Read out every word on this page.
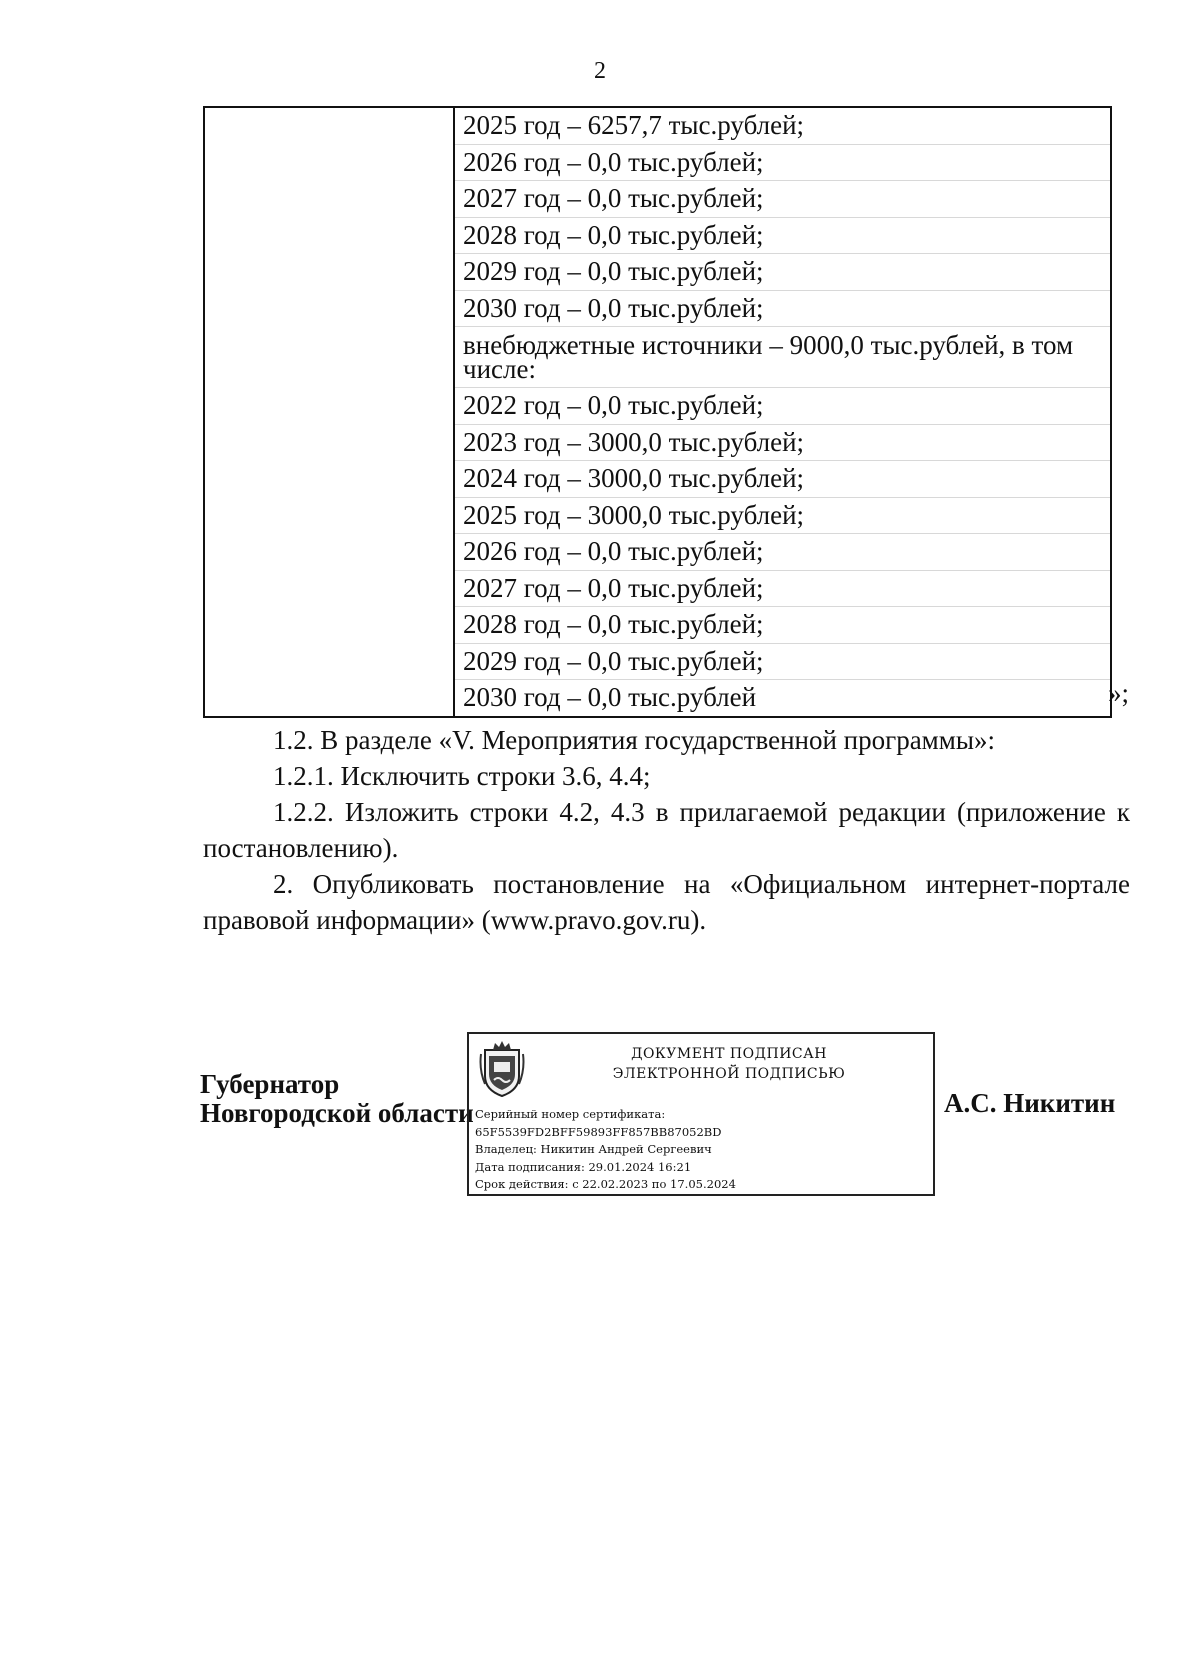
2

2025 год – 6257,7 тыс.рублей;
2026 год – 0,0 тыс.рублей;
2027 год – 0,0 тыс.рублей;
2028 год – 0,0 тыс.рублей;
2029 год – 0,0 тыс.рублей;
2030 год – 0,0 тыс.рублей;
внебюджетные источники – 9000,0 тыс.рублей, в том числе:
2022 год – 0,0 тыс.рублей;
2023 год – 3000,0 тыс.рублей;
2024 год – 3000,0 тыс.рублей;
2025 год – 3000,0 тыс.рублей;
2026 год – 0,0 тыс.рублей;
2027 год – 0,0 тыс.рублей;
2028 год – 0,0 тыс.рублей;
2029 год – 0,0 тыс.рублей;
2030 год – 0,0 тыс.рублей	»;

1.2. В разделе «V. Мероприятия государственной программы»:

1.2.1. Исключить строки 3.6, 4.4;

1.2.2. Изложить строки 4.2, 4.3 в прилагаемой редакции (приложение к постановлению).

2. Опубликовать постановление на «Официальном интернет-портале правовой информации» (www.pravo.gov.ru).

Губернатор
Новгородской области
ДОКУМЕНТ ПОДПИСАН
ЭЛЕКТРОННОЙ ПОДПИСЬЮ
Серийный номер сертификата:
65F5539FD2BFF59893FF857BB87052BD
Владелец: Никитин Андрей Сергеевич
Дата подписания: 29.01.2024 16:21
Срок действия: с 22.02.2023 по 17.05.2024
А.С. Никитин
